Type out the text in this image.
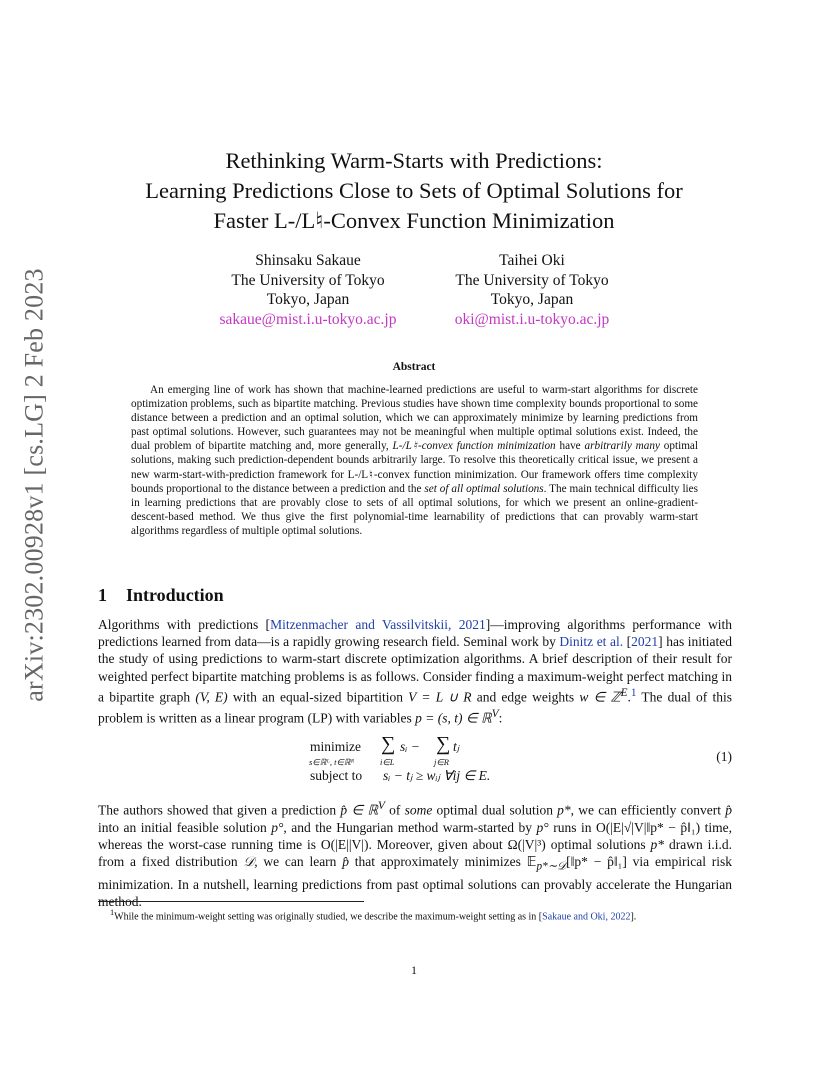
arXiv:2302.00928v1 [cs.LG] 2 Feb 2023
Rethinking Warm-Starts with Predictions:
Learning Predictions Close to Sets of Optimal Solutions for
Faster L-/L♮-Convex Function Minimization
Shinsaku Sakaue
The University of Tokyo
Tokyo, Japan
sakaue@mist.i.u-tokyo.ac.jp
Taihei Oki
The University of Tokyo
Tokyo, Japan
oki@mist.i.u-tokyo.ac.jp
Abstract

An emerging line of work has shown that machine-learned predictions are useful to warm-start algorithms for discrete optimization problems, such as bipartite matching. Previous studies have shown time complexity bounds proportional to some distance between a prediction and an optimal solution, which we can approximately minimize by learning predictions from past optimal solutions. However, such guarantees may not be meaningful when multiple optimal solutions exist. Indeed, the dual problem of bipartite matching and, more generally, L-/L♮-convex function minimization have arbitrarily many optimal solutions, making such prediction-dependent bounds arbitrarily large. To resolve this theoretically critical issue, we present a new warm-start-with-prediction framework for L-/L♮-convex function minimization. Our framework offers time complexity bounds proportional to the distance between a prediction and the set of all optimal solutions. The main technical difficulty lies in learning predictions that are provably close to sets of all optimal solutions, for which we present an online-gradient-descent-based method. We thus give the first polynomial-time learnability of predictions that can provably warm-start algorithms regardless of multiple optimal solutions.

1 Introduction

Algorithms with predictions [Mitzenmacher and Vassilvitskii, 2021]—improving algorithms performance with predictions learned from data—is a rapidly growing research field. Seminal work by Dinitz et al. [2021] has initiated the study of using predictions to warm-start discrete optimization algorithms. A brief description of their result for weighted perfect bipartite matching problems is as follows. Consider finding a maximum-weight perfect matching in a bipartite graph (V, E) with an equal-sized bipartition V = L ∪ R and edge weights w ∈ ℤ$^E$.$^1$ The dual of this problem is written as a linear program (LP) with variables p = (s, t) ∈ ℝ$^V$:

minimize
s∈ℝᴸ, t∈ℝᴿ
∑
i∈L
sᵢ − ∑
j∈R
tⱼ
(1)
subject to sᵢ − tⱼ ≥ wᵢⱼ ∀ij ∈ E.

The authors showed that given a prediction p̂ ∈ ℝ$^V$ of some optimal dual solution p*, we can efficiently convert p̂ into an initial feasible solution p°, and the Hungarian method warm-started by p° runs in O(|E|√|V|‖p* − p̂‖₁) time, whereas the worst-case running time is O(|E||V|). Moreover, given about Ω(|V|³) optimal solutions p* drawn i.i.d. from a fixed distribution 𝒟, we can learn p̂ that approximately minimizes 𝔼$_{p*\sim 𝒟}$[‖p* − p̂‖₁] via empirical risk minimization. In a nutshell, learning predictions from past optimal solutions can provably accelerate the Hungarian method.

$^1$While the minimum-weight setting was originally studied, we describe the maximum-weight setting as in [Sakaue and Oki, 2022].
1
